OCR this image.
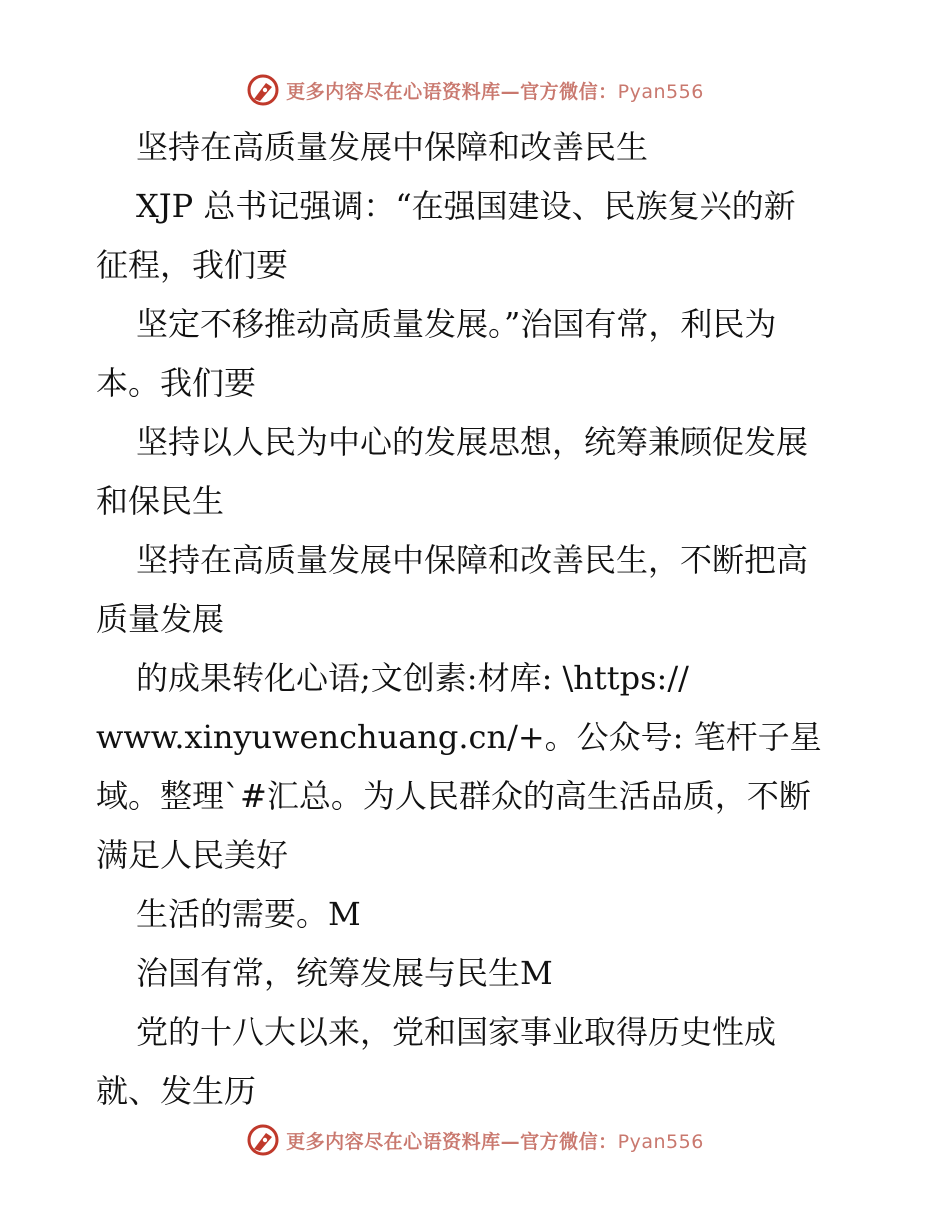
更多内容尽在心语资料库—官方微信：Pyan556
坚持在高质量发展中保障和改善民生
XJP 总书记强调：“在强国建设、民族复兴的新
征程，我们要
坚定不移推动高质量发展。”治国有常，利民为
本。我们要
坚持以人民为中心的发展思想，统筹兼顾促发展
和保民生
坚持在高质量发展中保障和改善民生，不断把高
质量发展
的成果转化心语;文创素:材库: \https://
www.xinyuwenchuang.cn/+。公众号: 笔杆子星
域。整理`#汇总。为人民群众的高生活品质，不断
满足人民美好
生活的需要。M
治国有常，统筹发展与民生M
党的十八大以来，党和国家事业取得历史性成
就、发生历
更多内容尽在心语资料库—官方微信：Pyan556
